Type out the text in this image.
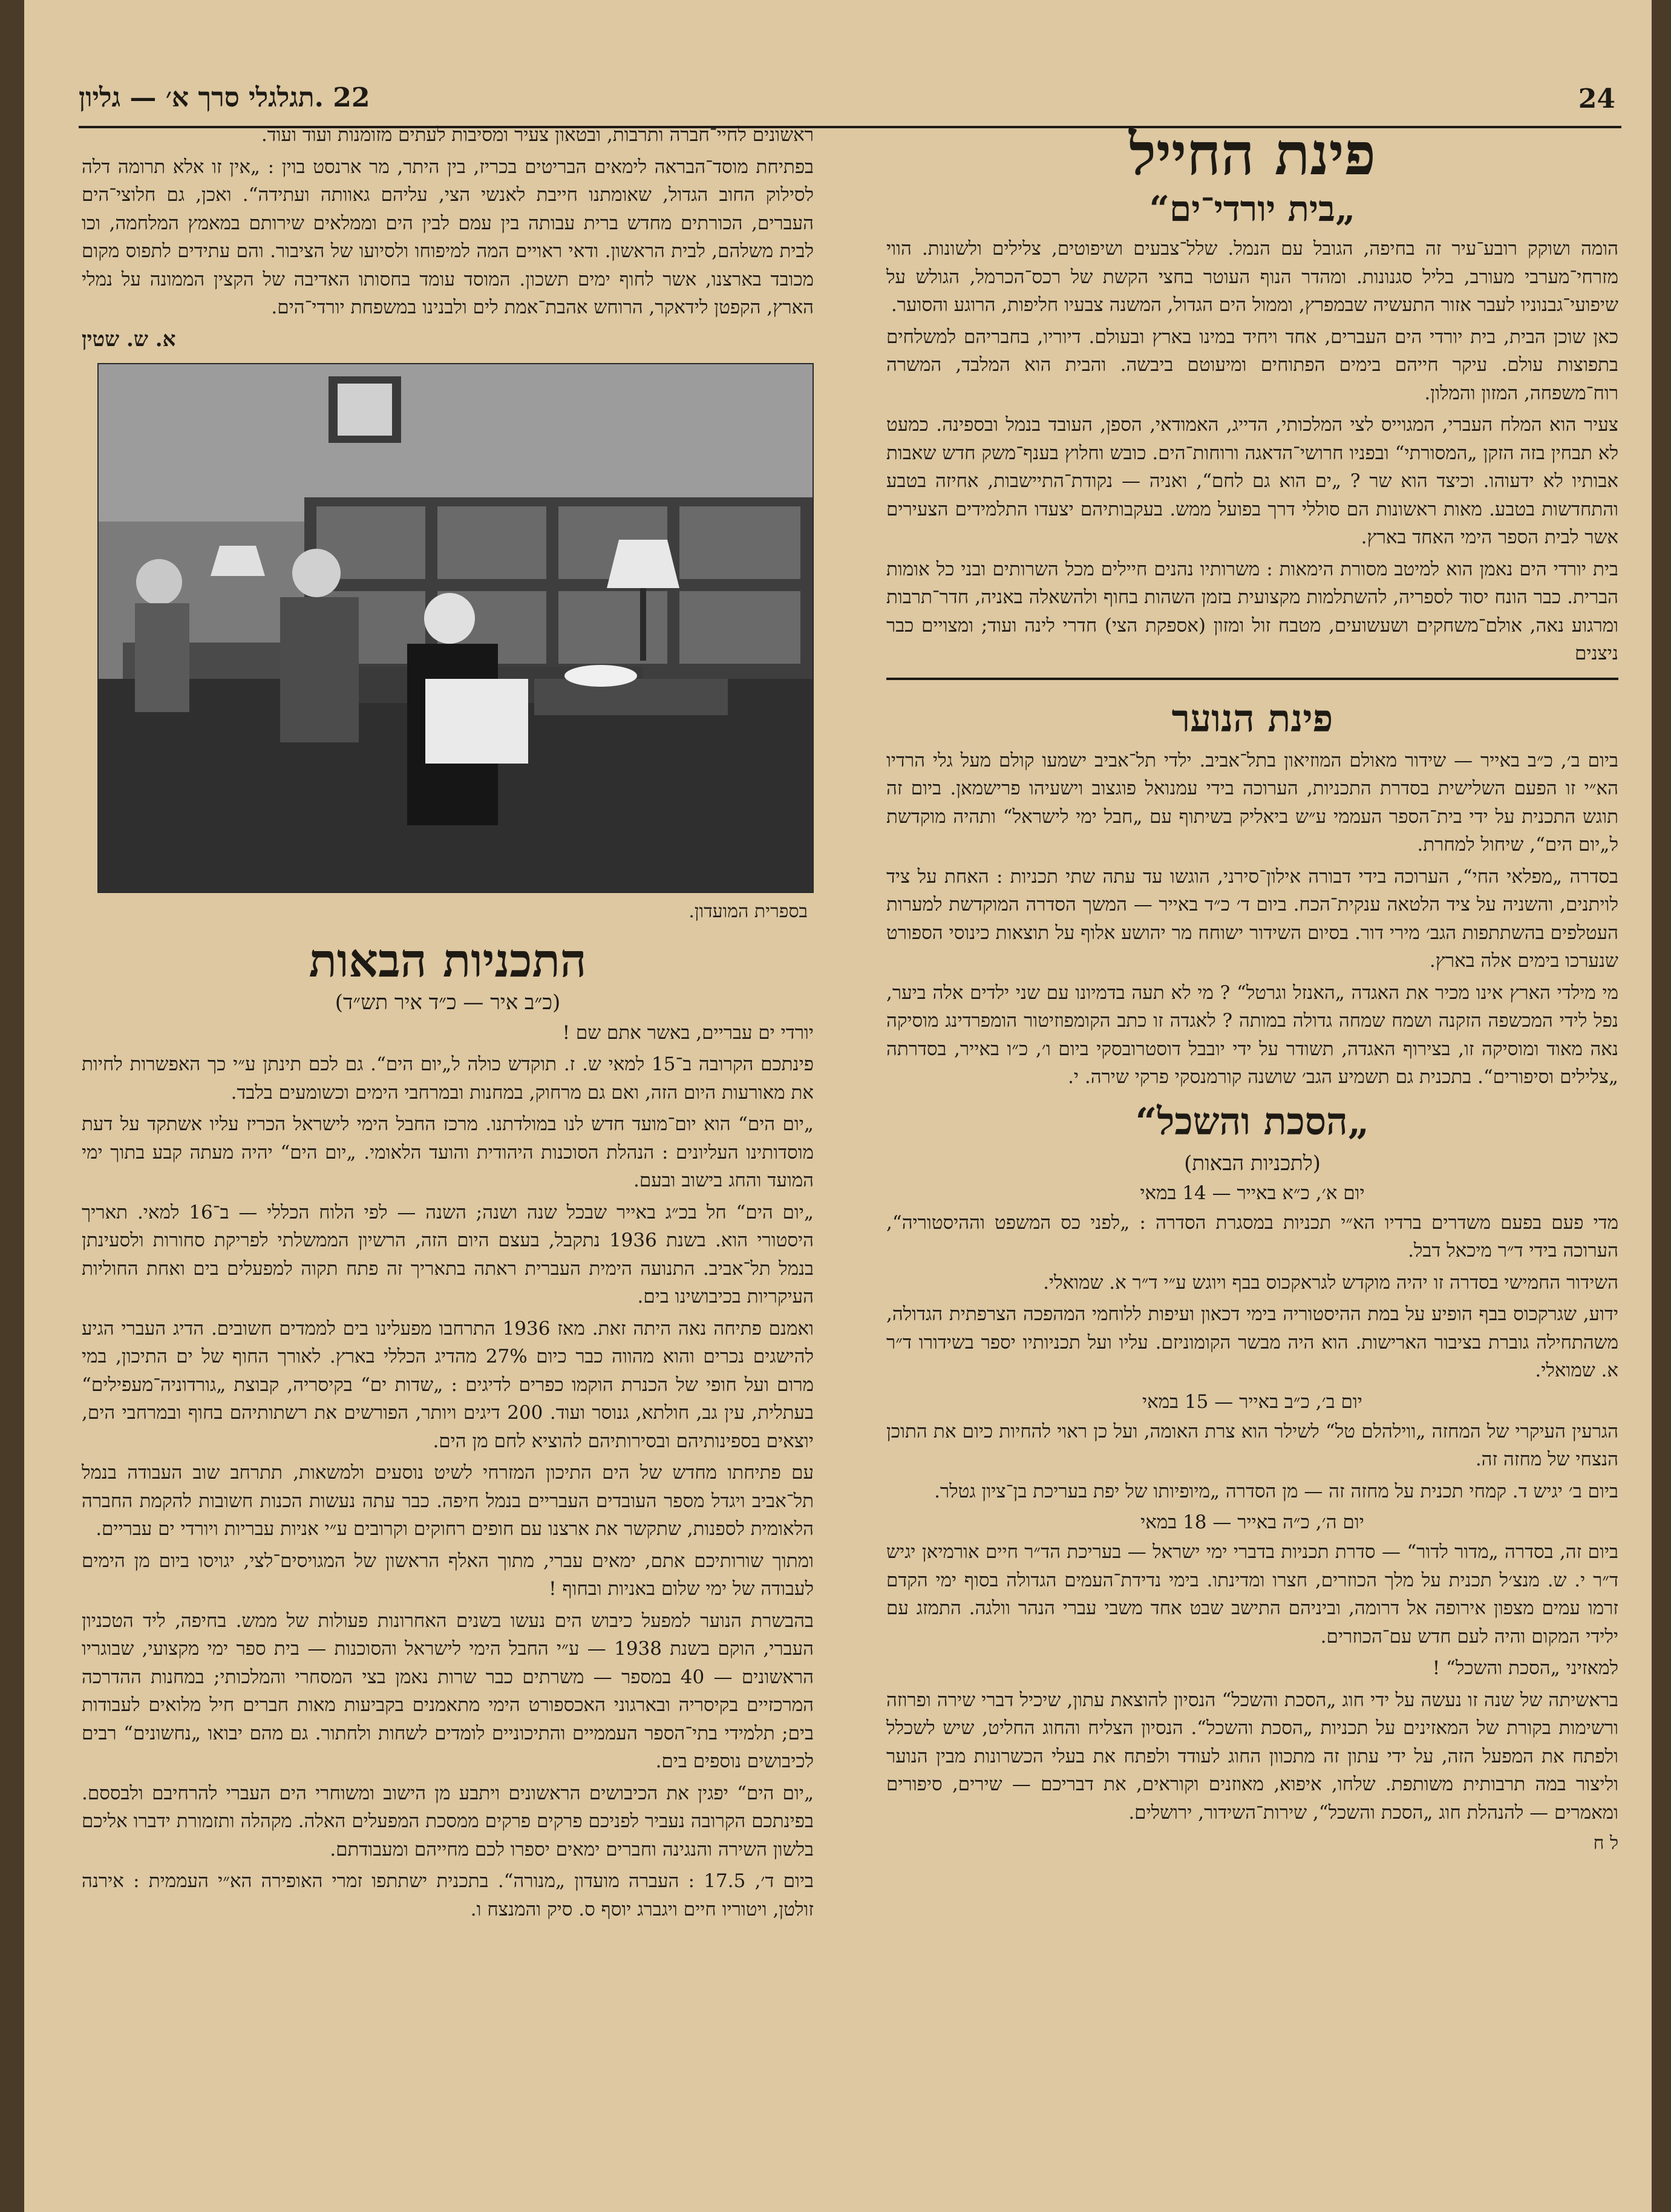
24
22 .תגלגלי סרך א׳ — גליון
פינת החייל
„בית יורדי־ים“

הומה ושוקק רובע־עיר זה בחיפה, הגובל עם הנמל. שלל־צבעים ושיפוטים, צלילים ולשונות. הווי מזרחי־מערבי מעורב, בליל סגנונות. ומהדר הנוף העוטר בחצי הקשת של רכס־הכרמל, הגולש על שיפועי־גבנוניו לעבר אזור התעשיה שבמפרץ, וממול הים הגדול, המשנה צבעיו חליפות, הרוגע והסוער.

כאן שוכן הבית, בית יורדי הים העברים, אחד ויחיד במינו בארץ ובעולם. דיוריו, בחבריהם למשלחים בתפוצות עולם. עיקר חייהם בימים הפתוחים ומיעוטם ביבשה. והבית הוא המלבד, המשרה רוח־משפחה, המזון והמלון.

צעיר הוא המלח העברי, המגוייס לצי המלכותי, הדייג, האמודאי, הספן, העובד בנמל ובספינה. כמעט לא תבחין בזה הזקן „המסורתי“ ובפניו חרושי־הדאגה ורוחות־הים. כובש וחלוץ בענף־משק חדש שאבות אבותיו לא ידעוהו. וכיצד הוא שר ? „ים הוא גם לחם“, ואניה — נקודת־התיישבות, אחיזה בטבע והתחדשות בטבע. מאות ראשונות הם סוללי דרך בפועל ממש. בעקבותיהם יצעדו התלמידים הצעירים אשר לבית הספר הימי האחד בארץ.

בית יורדי הים נאמן הוא למיטב מסורת הימאות : משרותיו נהנים חיילים מכל השרותים ובני כל אומות הברית. כבר הונח יסוד לספריה, להשתלמות מקצועית בזמן השהות בחוף ולהשאלה באניה, חדר־תרבות ומרגוע נאה, אולם־משחקים ושעשועים, מטבח זול ומזון (אספקת הצי) חדרי לינה ועוד; ומצויים כבר ניצנים

פינת הנוער

ביום ב׳, כ״ב באייר — שידור מאולם המוזיאון בתל־אביב. ילדי תל־אביב ישמעו קולם מעל גלי הרדיו הא״י זו הפעם השלישית בסדרת התכניות, הערוכה בידי עמנואל פוגצוב וישעיהו פרישמאן. ביום זה תוגש התכנית על ידי בית־הספר העממי ע״ש ביאליק בשיתוף עם „חבל ימי לישראל“ ותהיה מוקדשת ל„יום הים“, שיחול למחרת.

בסדרה „מפלאי החי“, הערוכה בידי דבורה אילון־סירני, הוגשו עד עתה שתי תכניות : האחת על ציד לויתנים, והשניה על ציד הלטאה ענקית־הכח. ביום ד׳ כ״ד באייר — המשך הסדרה המוקדשת למערות העטלפים בהשתתפות הגב׳ מירי דור. בסיום השידור ישוחח מר יהושע אלוף על תוצאות כינוסי הספורט שנערכו בימים אלה בארץ.

מי מילדי הארץ אינו מכיר את האגדה „האנזל וגרטל“ ? מי לא תעה בדמיונו עם שני ילדים אלה ביער, נפל לידי המכשפה הזקנה ושמח שמחה גדולה במותה ? לאגדה זו כתב הקומפוזיטור הומפרדינג מוסיקה נאה מאוד ומוסיקה זו, בצירוף האגדה, תשודר על ידי יובבל דוסטרובסקי ביום ו׳, כ״ו באייר, בסדרתה „צלילים וסיפורים“. בתכנית גם תשמיע הגב׳ שושנה קורמנסקי פרקי שירה. י.

„הסכת והשכל“
(לתכניות הבאות)
יום א׳, כ״א באייר — 14 במאי

מדי פעם בפעם משדרים ברדיו הא״י תכניות במסגרת הסדרה : „לפני כס המשפט וההיסטוריה“, הערוכה בידי ד״ר מיכאל דבל.

השידור החמישי בסדרה זו יהיה מוקדש לגראקכוס בבף ויוגש ע״י ד״ר א. שמואלי.

ידוע, שגרקכוס בבף הופיע על במת ההיסטוריה בימי דכאון ועיפות ללוחמי המהפכה הצרפתית הגדולה, משהתחילה גוברת בציבור הארישות. הוא היה מבשר הקומוניזם. עליו ועל תכניותיו יספר בשידורו ד״ר א. שמואלי.

יום ב׳, כ״ב באייר — 15 במאי

הגרעין העיקרי של המחזה „ווילהלם טל“ לשילר הוא צרת האומה, ועל כן ראוי להחיות כיום את התוכן הנצחי של מחזה זה.

ביום ב׳ יגיש ד. קמחי תכנית על מחזה זה — מן הסדרה „מיופיותו של יפת בעריכת בן־ציון גטלר.

יום ה׳, כ״ה באייר — 18 במאי

ביום זה, בסדרה „מדור לדור“ — סדרת תכניות בדברי ימי ישראל — בעריכת הד״ר חיים אורמיאן יגיש ד״ר י. ש. מנצ׳ל תכנית על מלך הכוזרים, חצרו ומדינתו. בימי נדידת־העמים הגדולה בסוף ימי הקדם זרמו עמים מצפון אירופה אל דרומה, וביניהם התישב שבט אחד משבי עברי הנהר וולגה. התמזג עם ילידי המקום והיה לעם חדש עם־הכוזרים.

למאזיני „הסכת והשכל“ !

בראשיתה של שנה זו נעשה על ידי חוג „הסכת והשכל“ הנסיון להוצאת עתון, שיכיל דברי שירה ופרוזה ורשימות בקורת של המאזינים על תכניות „הסכת והשכל“. הנסיון הצליח והחוג החליט, שיש לשכלל ולפתח את המפעל הזה, על ידי עתון זה מתכוון החוג לעודד ולפתח את בעלי הכשרונות מבין הנוער וליצור במה תרבותית משותפת. שלחו, איפוא, מאוזנים וקוראים, את דבריכם — שירים, סיפורים ומאמרים — להנהלת חוג „הסכת והשכל“, שירות־השידור, ירושלים.

ל ח

ראשונים לחיי־חברה ותרבות, ובטאון צעיר ומסיבות לעתים מזומנות ועוד ועוד.

בפתיחת מוסד־הבראה לימאים הבריטים בכריז, בין היתר, מר ארנסט בוין : „אין זו אלא תרומה דלה לסילוק החוב הגדול, שאומתנו חייבת לאנשי הצי, עליהם גאוותה ועתידה“. ואכן, גם חלוצי־הים העברים, הכורתים מחדש ברית עבותה בין עמם לבין הים וממלאים שירותם במאמץ המלחמה, וכו לבית משלהם, לבית הראשון. ודאי ראויים המה למיפוחו ולסיועו של הציבור. והם עתידים לתפוס מקום מכובד בארצנו, אשר לחוף ימים תשכון. המוסד עומד בחסותו האדיבה של הקצין הממונה על נמלי הארץ, הקפטן לידאקר, הרוחש אהבת־אמת לים ולבנינו במשפחת יורדי־הים.

א. ש. שטין
בספרית המועדון.
התכניות הבאות
(כ״ב איר — כ״ד איר תש״ד)

יורדי ים עבריים, באשר אתם שם !

פינתכם הקרובה ב־15 למאי ש. ז. תוקדש כולה ל„יום הים“. גם לכם תינתן ע״י כך האפשרות לחיות את מאורעות היום הזה, ואם גם מרחוק, במחנות ובמרחבי הימים וכשומעים בלבד.

„יום הים“ הוא יום־מועד חדש לנו במולדתנו. מרכז החבל הימי לישראל הכריז עליו אשתקד על דעת מוסדותינו העליונים : הנהלת הסוכנות היהודית והועד הלאומי. „יום הים“ יהיה מעתה קבע בתוך ימי המועד והחג בישוב ובעם.

„יום הים“ חל בכ״ג באייר שבכל שנה ושנה; השנה — לפי הלוח הכללי — ב־16 למאי. תאריך היסטורי הוא. בשנת 1936 נתקבל, בעצם היום הזה, הרשיון הממשלתי לפריקת סחורות ולסעינתן בנמל תל־אביב. התנועה הימית העברית ראתה בתאריך זה פתח תקוה למפעלים בים ואחת החוליות העיקריות בכיבושינו בים.

ואמנם פתיחה נאה היתה זאת. מאז 1936 התרחבו מפעלינו בים לממדים חשובים. הדיג העברי הגיע להישגים נכרים והוא מהווה כבר כיום 27% מהדיג הכללי בארץ. לאורך החוף של ים התיכון, במי מרום ועל חופי של הכנרת הוקמו כפרים לדיגים : „שדות ים“ בקיסריה, קבוצת „גורדוניה־מעפילים“ בעתלית, עין גב, חולתא, גנוסר ועוד. 200 דיגים ויותר, הפורשים את רשתותיהם בחוף ובמרחבי הים, יוצאים בספינותיהם ובסירותיהם להוציא לחם מן הים.

עם פתיחתו מחדש של הים התיכון המזרחי לשיט נוסעים ולמשאות, תתרחב שוב העבודה בנמל תל־אביב ויגדל מספר העובדים העבריים בנמל חיפה. כבר עתה נעשות הכנות חשובות להקמת החברה הלאומית לספנות, שתקשר את ארצנו עם חופים רחוקים וקרובים ע״י אניות עבריות ויורדי ים עבריים.

ומתוך שורותיכם אתם, ימאים עברי, מתוך האלף הראשון של המגויסים־לצי, יגויסו ביום מן הימים לעבודה של ימי שלום באניות ובחוף !

בהבשרת הנוער למפעל כיבוש הים נעשו בשנים האחרונות פעולות של ממש. בחיפה, ליד הטכניון העברי, הוקם בשנת 1938 — ע״י החבל הימי לישראל והסוכנות — בית ספר ימי מקצועי, שבוגריו הראשונים — 40 במספר — משרתים כבר שרות נאמן בצי המסחרי והמלכותי; במחנות ההדרכה המרכזיים בקיסריה ובארגוני האכספורט הימי מתאמנים בקביעות מאות חברים חיל מלואים לעבודות בים; תלמידי בתי־הספר העממיים והתיכוניים לומדים לשחות ולחתור. גם מהם יבואו „נחשונים“ רבים לכיבושים נוספים בים.

„יום הים“ יפגין את הכיבושים הראשונים ויתבע מן הישוב ומשוחרי הים העברי להרחיבם ולבססם. בפינתכם הקרובה נעביר לפניכם פרקים פרקים ממסכת המפעלים האלה. מקהלה ותזמורת ידברו אליכם בלשון השירה והנגינה וחברים ימאים יספרו לכם מחייהם ומעבודתם.

ביום ד׳, 17.5 : העברה מועדון „מנורה“. בתכנית ישתתפו זמרי האופירה הא״י העממית : אירנה זולטן, ויטוריו חיים ויגברג יוסף ס. סיק והמנצח ו.
